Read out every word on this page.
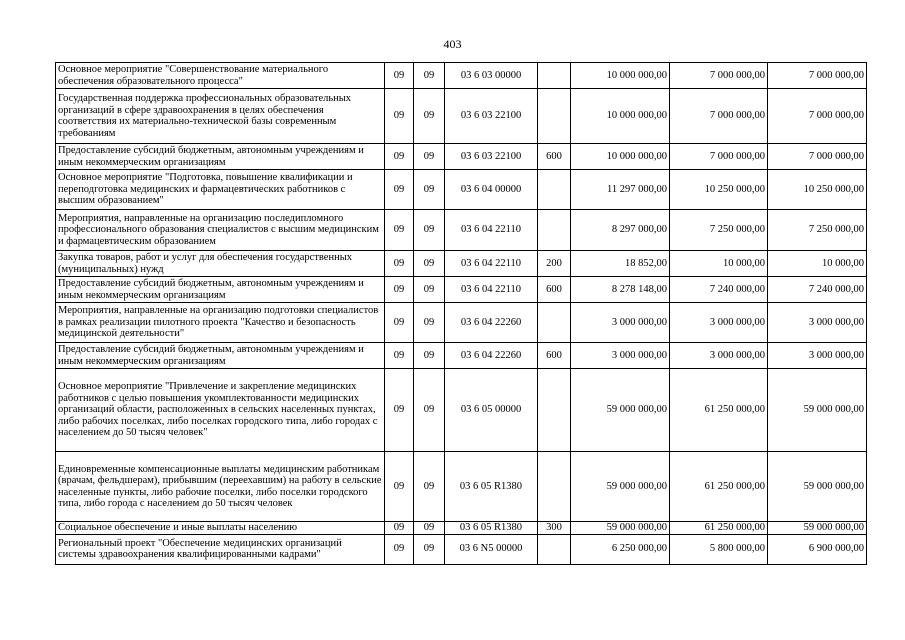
403
Основное мероприятие "Совершенствование материального обеспечения образовательного процесса"	09	09	03 6 03 00000		10 000 000,00	7 000 000,00	7 000 000,00
Государственная поддержка профессиональных образовательных организаций в сфере здравоохранения в целях обеспечения соответствия их материально-технической базы современным требованиям	09	09	03 6 03 22100		10 000 000,00	7 000 000,00	7 000 000,00
Предоставление субсидий бюджетным, автономным учреждениям и иным некоммерческим организациям	09	09	03 6 03 22100	600	10 000 000,00	7 000 000,00	7 000 000,00
Основное мероприятие "Подготовка, повышение квалификации и переподготовка медицинских и фармацевтических работников с высшим образованием"	09	09	03 6 04 00000		11 297 000,00	10 250 000,00	10 250 000,00
Мероприятия, направленные на организацию последипломного профессионального образования специалистов с высшим медицинским и фармацевтическим образованием	09	09	03 6 04 22110		8 297 000,00	7 250 000,00	7 250 000,00
Закупка товаров, работ и услуг для обеспечения государственных (муниципальных) нужд	09	09	03 6 04 22110	200	18 852,00	10 000,00	10 000,00
Предоставление субсидий бюджетным, автономным учреждениям и иным некоммерческим организациям	09	09	03 6 04 22110	600	8 278 148,00	7 240 000,00	7 240 000,00
Мероприятия, направленные на организацию подготовки специалистов в рамках реализации пилотного проекта "Качество и безопасность медицинской деятельности"	09	09	03 6 04 22260		3 000 000,00	3 000 000,00	3 000 000,00
Предоставление субсидий бюджетным, автономным учреждениям и иным некоммерческим организациям	09	09	03 6 04 22260	600	3 000 000,00	3 000 000,00	3 000 000,00
Основное мероприятие "Привлечение и закрепление медицинских работников с целью повышения укомплектованности медицинских организаций области, расположенных в сельских населенных пунктах, либо рабочих поселках, либо поселках городского типа, либо городах с населением до 50 тысяч человек"	09	09	03 6 05 00000		59 000 000,00	61 250 000,00	59 000 000,00
Единовременные компенсационные выплаты медицинским работникам (врачам, фельдшерам), прибывшим (переехавшим) на работу в сельские населенные пункты, либо рабочие поселки, либо поселки городского типа, либо города с населением до 50 тысяч человек	09	09	03 6 05 R1380		59 000 000,00	61 250 000,00	59 000 000,00
Социальное обеспечение и иные выплаты населению	09	09	03 6 05 R1380	300	59 000 000,00	61 250 000,00	59 000 000,00
Региональный проект "Обеспечение медицинских организаций системы здравоохранения квалифицированными кадрами"	09	09	03 6 N5 00000		6 250 000,00	5 800 000,00	6 900 000,00
